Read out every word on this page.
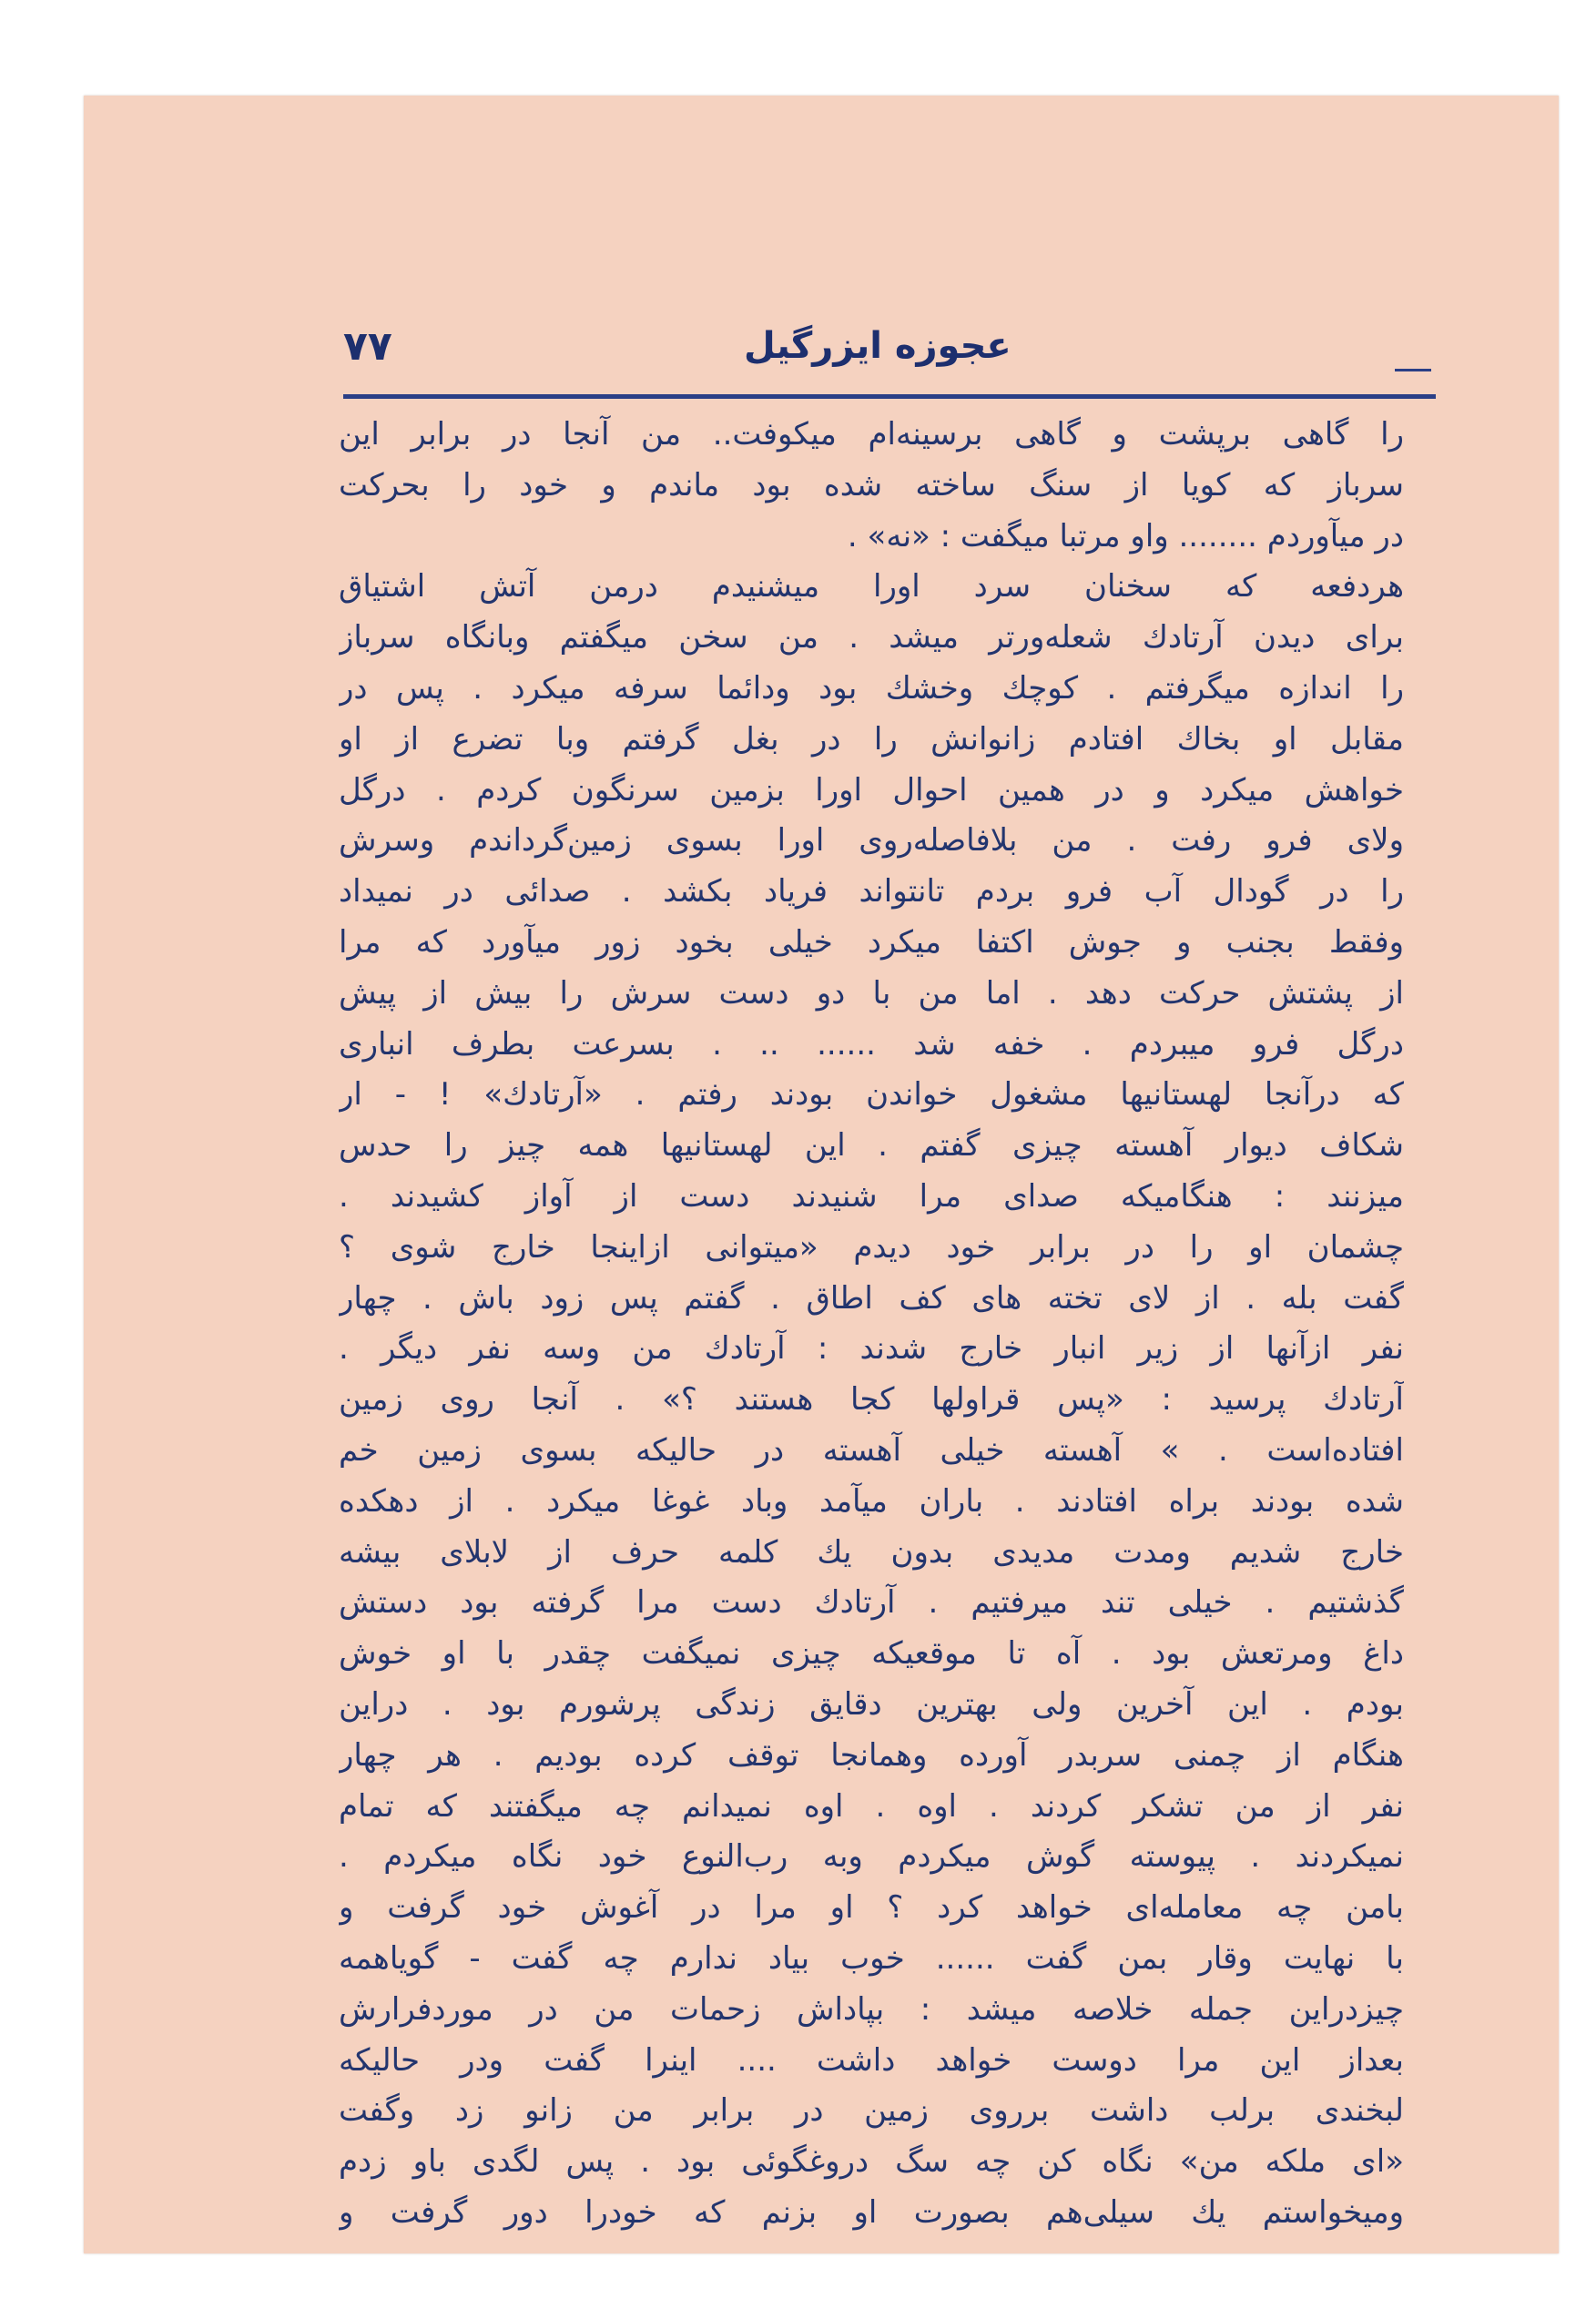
٧٧	عجوزه ایزرگیل
را گاهی برپشت و گاهی برسینه‌ام میکوفت.. من آنجا در برابر این
سرباز که کویا از سنگ ساخته شده بود ماندم و خود را بحرکت
در میآوردم ........ واو مرتبا میگفت : «نه» .
هردفعه که سخنان سرد اورا میشنیدم درمن آتش اشتیاق
برای دیدن آرتادك شعله‌ورتر میشد . من سخن میگفتم وبانگاه سرباز
را اندازه میگرفتم . کوچك وخشك بود ودائما سرفه میکرد . پس در
مقابل او بخاك افتادم زانوانش را در بغل گرفتم وبا تضرع از او
خواهش میکرد و در همین احوال اورا بزمین سرنگون کردم . درگل
ولای فرو رفت . من بلافاصله‌روی اورا بسوی زمین‌گرداندم وسرش
را در گودال آب فرو بردم تانتواند فریاد بکشد . صدائی در نمیداد
وفقط بجنب و جوش اکتفا میکرد خیلی بخود زور میآورد که مرا
از پشتش حرکت دهد . اما من با دو دست سرش را بیش از پیش
درگل فرو میبردم . خفه شد ...... .. . بسرعت بطرف انباری
که درآنجا لهستانیها مشغول خواندن بودند رفتم . «آرتادك» ! - ار
شکاف دیوار آهسته چیزی گفتم . این لهستانیها همه چیز را حدس
میزنند : هنگامیکه صدای مرا شنیدند دست از آواز کشیدند .
چشمان او را در برابر خود دیدم «میتوانی ازاینجا خارج شوی ؟
گفت بله . از لای تخته های کف اطاق . گفتم پس زود باش . چهار
نفر ازآنها از زیر انبار خارج شدند : آرتادك من وسه نفر دیگر .
آرتادك پرسید : «پس قراولها کجا هستند ؟» . آنجا روی زمین
افتاده‌است . » آهسته خیلی آهسته در حالیکه بسوی زمین خم
شده بودند براه افتادند . باران میآمد وباد غوغا میکرد . از دهکده
خارج شدیم ومدت مدیدی بدون یك کلمه حرف از لابلای بیشه
گذشتیم . خیلی تند میرفتیم . آرتادك دست مرا گرفته بود دستش
داغ ومرتعش بود . آه تا موقعیکه چیزی نمیگفت چقدر با او خوش
بودم . این آخرین ولی بهترین دقایق زندگی پرشورم بود . دراین
هنگام از چمنی سربدر آورده وهمانجا توقف کرده بودیم . هر چهار
نفر از من تشکر کردند . اوه . اوه نمیدانم چه میگفتند که تمام
نمیکردند . پیوسته گوش میکردم وبه رب‌النوع خود نگاه میکردم .
بامن چه معامله‌ای خواهد کرد ؟ او مرا در آغوش خود گرفت و
با نهایت وقار بمن گفت ...... خوب بیاد ندارم چه گفت - گویاهمه
چیزدراین جمله خلاصه میشد : بپاداش زحمات من در موردفرارش
بعداز این مرا دوست خواهد داشت .... اینرا گفت ودر حالیکه
لبخندی برلب داشت برروی زمین در برابر من زانو زد وگفت
«ای ملکه من» نگاه کن چه سگ دروغگوئی بود . پس لگدی باو زدم
ومیخواستم یك سیلی‌هم بصورت او بزنم که خودرا دور گرفت و
